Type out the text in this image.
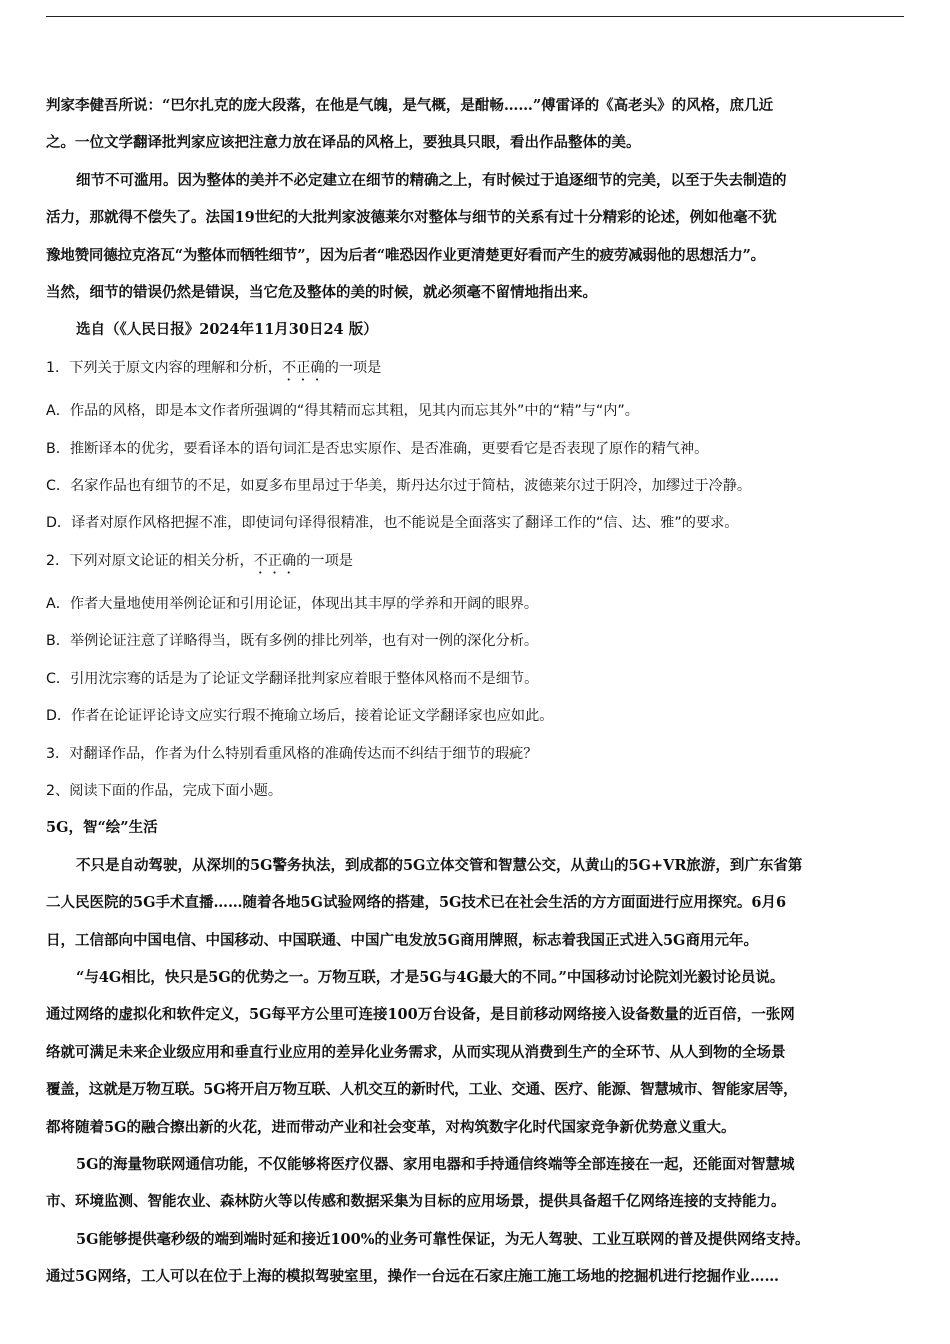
判家李健吾所说：“巴尔扎克的庞大段落，在他是气魄，是气概，是酣畅……”傅雷译的《高老头》的风格，庶几近
之。一位文学翻译批判家应该把注意力放在译品的风格上，要独具只眼，看出作品整体的美。
细节不可滥用。因为整体的美并不必定建立在细节的精确之上，有时候过于追逐细节的完美，以至于失去制造的
活力，那就得不偿失了。法国19世纪的大批判家波德莱尔对整体与细节的关系有过十分精彩的论述，例如他毫不犹
豫地赞同德拉克洛瓦“为整体而牺牲细节”，因为后者“唯恐因作业更清楚更好看而产生的疲劳减弱他的思想活力”。
当然，细节的错误仍然是错误，当它危及整体的美的时候，就必须毫不留情地指出来。
选自（《人民日报》2024年11月30日24 版）
1．下列关于原文内容的理解和分析，不正确的一项是
A．作品的风格，即是本文作者所强调的“得其精而忘其粗，见其内而忘其外”中的“精”与“内”。
B．推断译本的优劣，要看译本的语句词汇是否忠实原作、是否准确，更要看它是否表现了原作的精气神。
C．名家作品也有细节的不足，如夏多布里昂过于华美，斯丹达尔过于简枯，波德莱尔过于阴冷，加缪过于冷静。
D．译者对原作风格把握不准，即使词句译得很精准，也不能说是全面落实了翻译工作的“信、达、雅”的要求。
2．下列对原文论证的相关分析，不正确的一项是
A．作者大量地使用举例论证和引用论证，体现出其丰厚的学养和开阔的眼界。
B．举例论证注意了详略得当，既有多例的排比列举，也有对一例的深化分析。
C．引用沈宗骞的话是为了论证文学翻译批判家应着眼于整体风格而不是细节。
D．作者在论证评论诗文应实行瑕不掩瑜立场后，接着论证文学翻译家也应如此。
3．对翻译作品，作者为什么特别看重风格的准确传达而不纠结于细节的瑕疵？
2、阅读下面的作品，完成下面小题。
5G，智“绘”生活
不只是自动驾驶，从深圳的5G警务执法，到成都的5G立体交管和智慧公交，从黄山的5G+VR旅游，到广东省第
二人民医院的5G手术直播……随着各地5G试验网络的搭建，5G技术已在社会生活的方方面面进行应用探究。6月6
日，工信部向中国电信、中国移动、中国联通、中国广电发放5G商用牌照，标志着我国正式进入5G商用元年。
“与4G相比，快只是5G的优势之一。万物互联，才是5G与4G最大的不同。”中国移动讨论院刘光毅讨论员说。
通过网络的虚拟化和软件定义，5G每平方公里可连接100万台设备，是目前移动网络接入设备数量的近百倍，一张网
络就可满足未来企业级应用和垂直行业应用的差异化业务需求，从而实现从消费到生产的全环节、从人到物的全场景
覆盖，这就是万物互联。5G将开启万物互联、人机交互的新时代，工业、交通、医疗、能源、智慧城市、智能家居等，
都将随着5G的融合擦出新的火花，进而带动产业和社会变革，对构筑数字化时代国家竞争新优势意义重大。
5G的海量物联网通信功能，不仅能够将医疗仪器、家用电器和手持通信终端等全部连接在一起，还能面对智慧城
市、环境监测、智能农业、森林防火等以传感和数据采集为目标的应用场景，提供具备超千亿网络连接的支持能力。
5G能够提供毫秒级的端到端时延和接近100%的业务可靠性保证，为无人驾驶、工业互联网的普及提供网络支持。
通过5G网络，工人可以在位于上海的模拟驾驶室里，操作一台远在石家庄施工施工场地的挖掘机进行挖掘作业……
